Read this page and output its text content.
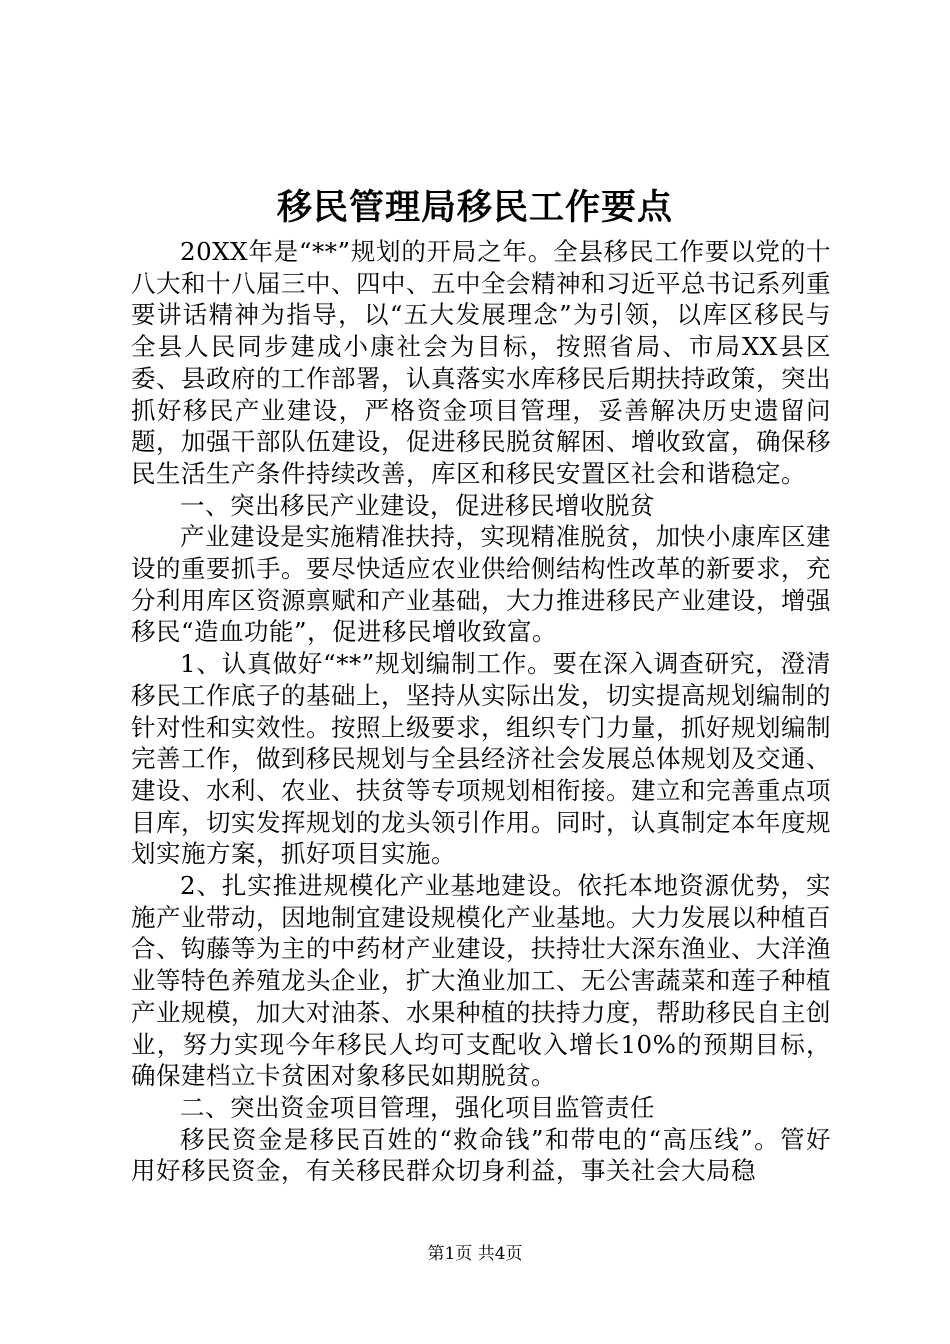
移民管理局移民工作要点

20XX年是“**”规划的开局之年。全县移民工作要以党的十八大和十八届三中、四中、五中全会精神和习近平总书记系列重要讲话精神为指导，以“五大发展理念”为引领，以库区移民与全县人民同步建成小康社会为目标，按照省局、市局XX县区委、县政府的工作部署，认真落实水库移民后期扶持政策，突出抓好移民产业建设，严格资金项目管理，妥善解决历史遗留问题，加强干部队伍建设，促进移民脱贫解困、增收致富，确保移民生活生产条件持续改善，库区和移民安置区社会和谐稳定。

一、突出移民产业建设，促进移民增收脱贫

产业建设是实施精准扶持，实现精准脱贫，加快小康库区建设的重要抓手。要尽快适应农业供给侧结构性改革的新要求，充分利用库区资源禀赋和产业基础，大力推进移民产业建设，增强移民“造血功能”，促进移民增收致富。

1、认真做好“**”规划编制工作。要在深入调查研究，澄清移民工作底子的基础上，坚持从实际出发，切实提高规划编制的针对性和实效性。按照上级要求，组织专门力量，抓好规划编制完善工作，做到移民规划与全县经济社会发展总体规划及交通、建设、水利、农业、扶贫等专项规划相衔接。建立和完善重点项目库，切实发挥规划的龙头领引作用。同时，认真制定本年度规划实施方案，抓好项目实施。

2、扎实推进规模化产业基地建设。依托本地资源优势，实施产业带动，因地制宜建设规模化产业基地。大力发展以种植百合、钩藤等为主的中药材产业建设，扶持壮大深东渔业、大洋渔业等特色养殖龙头企业，扩大渔业加工、无公害蔬菜和莲子种植产业规模，加大对油茶、水果种植的扶持力度，帮助移民自主创业，努力实现今年移民人均可支配收入增长10%的预期目标，确保建档立卡贫困对象移民如期脱贫。

二、突出资金项目管理，强化项目监管责任

移民资金是移民百姓的“救命钱”和带电的“高压线”。管好用好移民资金，有关移民群众切身利益，事关社会大局稳

第1页 共4页
